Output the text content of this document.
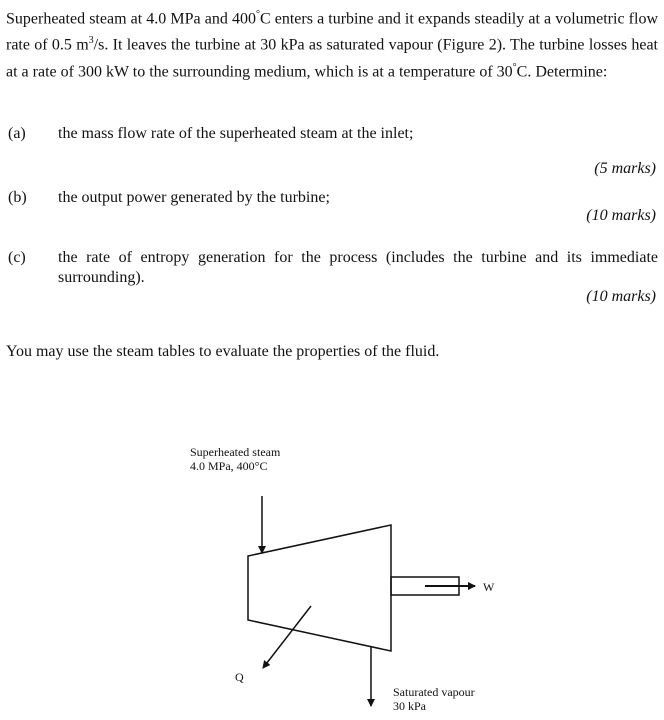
Superheated steam at 4.0 MPa and 400°C enters a turbine and it expands steadily at a volumetric flow rate of 0.5 $m^3/s$. It leaves the turbine at 30 kPa as saturated vapour (Figure 2). The turbine losses heat at a rate of 300 kW to the surrounding medium, which is at a temperature of 30°C. Determine:
(a) the mass flow rate of the superheated steam at the inlet;
(5 marks)
(b) the output power generated by the turbine;
(10 marks)
(c) the rate of entropy generation for the process (includes the turbine and its immediate surrounding).
(10 marks)
You may use the steam tables to evaluate the properties of the fluid.
Superheated steam
4.0 MPa, 400°C
W
Q
Saturated vapour
30 kPa
